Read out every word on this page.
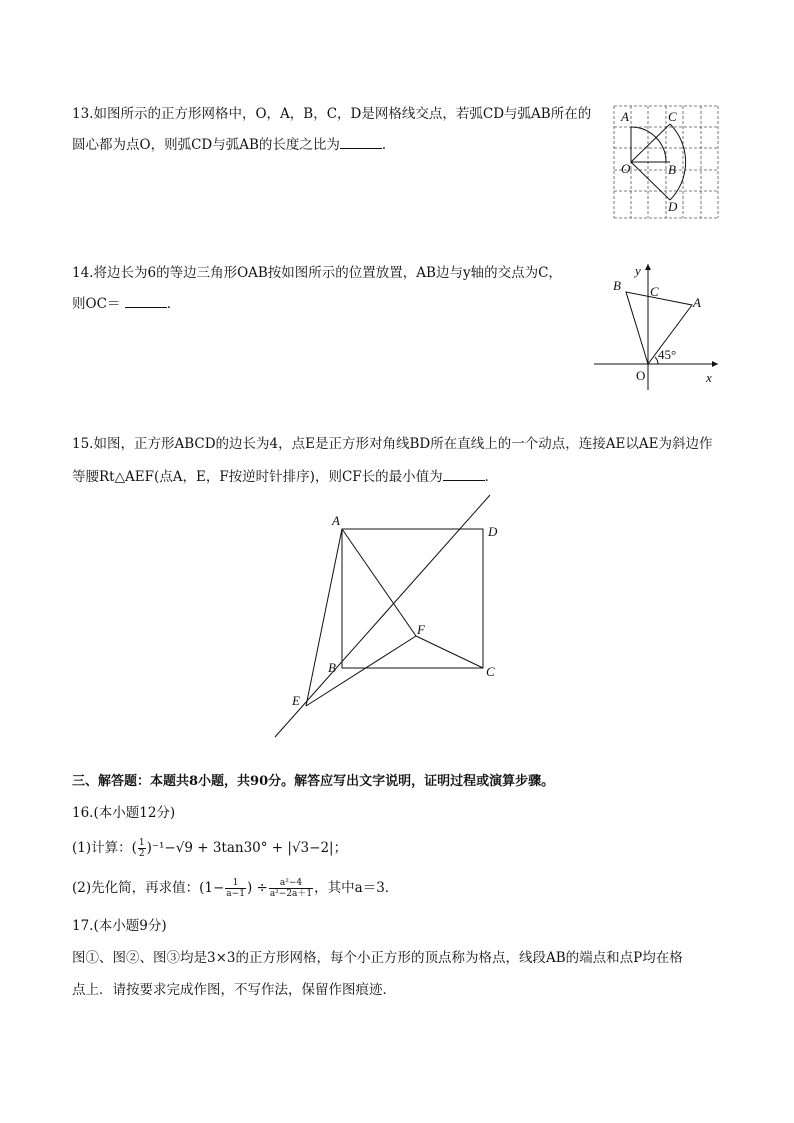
13.如图所示的正方形网格中，O，A，B，C，D是网格线交点，若弧CD与弧AB所在的
圆心都为点O，则弧CD与弧AB的长度之比为	．
A	C
O	B
D
14.将边长为6的等边三角形OAB按如图所示的位置放置，AB边与y轴的交点为C，
则OC＝	．
y
x
B C
A
O
45°
15.如图，正方形ABCD的边长为4，点E是正方形对角线BD所在直线上的一个动点，连接AE以AE为斜边作
等腰Rt△AEF(点A，E，F按逆时针排序)，则CF长的最小值为	．
A
D
F
B	C
E
三、解答题：本题共8小题，共90分。解答应写出文字说明，证明过程或演算步骤。
16.(本小题12分)
(1)计算：( $\frac{1}{2} )^{-1}-√9 + 3\tan 30^\circ + |√3-2|$；
(2)先化简，再求值：($1- \frac{1}{a-1}$ ) ÷ $\frac{\text{a²−4}}{\text{a²−2a＋1}}$ ，其中a＝3．
17.(本小题9分)
图①、图②、图③均是3×3的正方形网格，每个小正方形的顶点称为格点，线段AB的端点和点P均在格
点上．请按要求完成作图，不写作法，保留作图痕迹．
